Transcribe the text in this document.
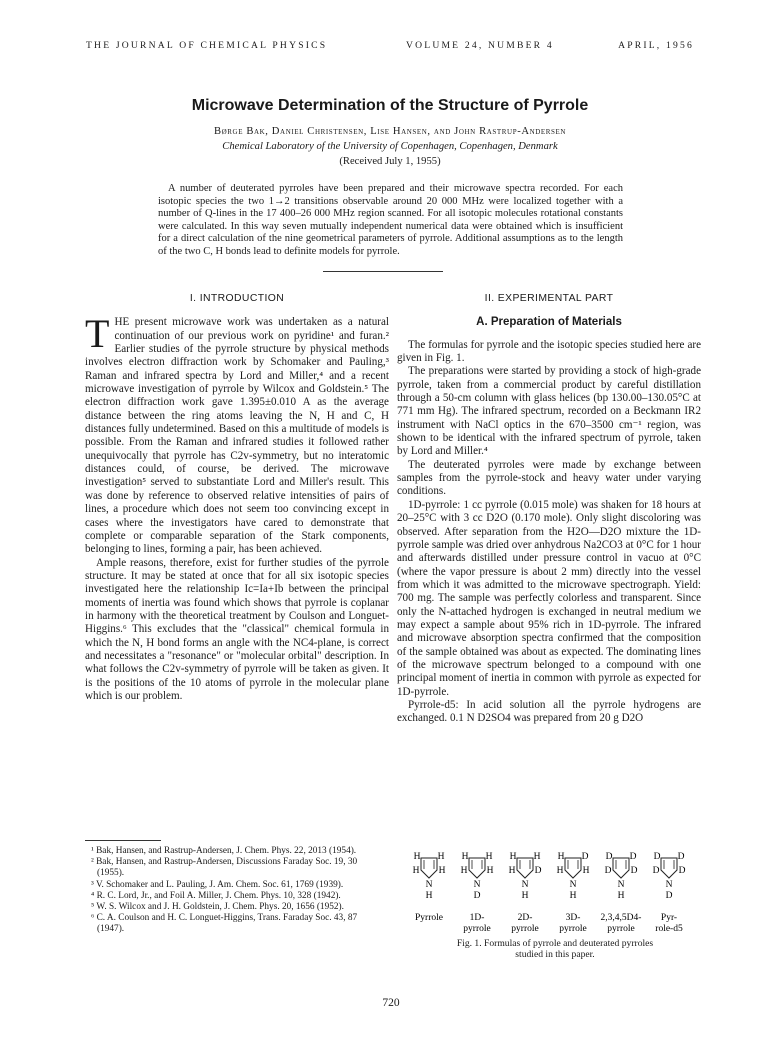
THE JOURNAL OF CHEMICAL PHYSICS	VOLUME 24, NUMBER 4	APRIL, 1956
Microwave Determination of the Structure of Pyrrole
Børge Bak, Daniel Christensen, Lise Hansen, and John Rastrup-Andersen
Chemical Laboratory of the University of Copenhagen, Copenhagen, Denmark
(Received July 1, 1955)
A number of deuterated pyrroles have been prepared and their microwave spectra recorded. For each isotopic species the two 1→2 transitions observable around 20 000 MHz were localized together with a number of Q-lines in the 17 400–26 000 MHz region scanned. For all isotopic molecules rotational constants were calculated. In this way seven mutually independent numerical data were obtained which is insufficient for a direct calculation of the nine geometrical parameters of pyrrole. Additional assumptions as to the length of the two C, H bonds lead to definite models for pyrrole.
I. INTRODUCTION

THE present microwave work was undertaken as a natural continuation of our previous work on pyridine¹ and furan.² Earlier studies of the pyrrole structure by physical methods involves electron diffraction work by Schomaker and Pauling,³ Raman and infrared spectra by Lord and Miller,⁴ and a recent microwave investigation of pyrrole by Wilcox and Goldstein.⁵ The electron diffraction work gave 1.395±0.010 A as the average distance between the ring atoms leaving the N, H and C, H distances fully undetermined. Based on this a multitude of models is possible. From the Raman and infrared studies it followed rather unequivocally that pyrrole has C2v-symmetry, but no interatomic distances could, of course, be derived. The microwave investigation⁵ served to substantiate Lord and Miller's result. This was done by reference to observed relative intensities of pairs of lines, a procedure which does not seem too convincing except in cases where the investigators have cared to demonstrate that complete or comparable separation of the Stark components, belonging to lines, forming a pair, has been achieved.

Ample reasons, therefore, exist for further studies of the pyrrole structure. It may be stated at once that for all six isotopic species investigated here the relationship Ic=Ia+Ib between the principal moments of inertia was found which shows that pyrrole is coplanar in harmony with the theoretical treatment by Coulson and Longuet-Higgins.⁶ This excludes that the "classical" chemical formula in which the N, H bond forms an angle with the NC4-plane, is correct and necessitates a "resonance" or "molecular orbital" description. In what follows the C2v-symmetry of pyrrole will be taken as given. It is the positions of the 10 atoms of pyrrole in the molecular plane which is our problem.

II. EXPERIMENTAL PART
A. Preparation of Materials

The formulas for pyrrole and the isotopic species studied here are given in Fig. 1.

The preparations were started by providing a stock of high-grade pyrrole, taken from a commercial product by careful distillation through a 50-cm column with glass helices (bp 130.00–130.05°C at 771 mm Hg). The infrared spectrum, recorded on a Beckmann IR2 instrument with NaCl optics in the 670–3500 cm⁻¹ region, was shown to be identical with the infrared spectrum of pyrrole, taken by Lord and Miller.⁴

The deuterated pyrroles were made by exchange between samples from the pyrrole-stock and heavy water under varying conditions.

1D-pyrrole: 1 cc pyrrole (0.015 mole) was shaken for 18 hours at 20–25°C with 3 cc D2O (0.170 mole). Only slight discoloring was observed. After separation from the H2O—D2O mixture the 1D-pyrrole sample was dried over anhydrous Na2CO3 at 0°C for 1 hour and afterwards distilled under pressure control in vacuo at 0°C (where the vapor pressure is about 2 mm) directly into the vessel from which it was admitted to the microwave spectrograph. Yield: 700 mg. The sample was perfectly colorless and transparent. Since only the N-attached hydrogen is exchanged in neutral medium we may expect a sample about 95% rich in 1D-pyrrole. The infrared and microwave absorption spectra confirmed that the composition of the sample obtained was about as expected. The dominating lines of the microwave spectrum belonged to a compound with one principal moment of inertia in common with pyrrole as expected for 1D-pyrrole.

Pyrrole-d5: In acid solution all the pyrrole hydrogens are exchanged. 0.1 N D2SO4 was prepared from 20 g D2O

¹ Bak, Hansen, and Rastrup-Andersen, J. Chem. Phys. 22, 2013 (1954).

² Bak, Hansen, and Rastrup-Andersen, Discussions Faraday Soc. 19, 30 (1955).

³ V. Schomaker and L. Pauling, J. Am. Chem. Soc. 61, 1769 (1939).

⁴ R. C. Lord, Jr., and Foil A. Miller, J. Chem. Phys. 10, 328 (1942).

⁵ W. S. Wilcox and J. H. Goldstein, J. Chem. Phys. 20, 1656 (1952).

⁶ C. A. Coulson and H. C. Longuet-Higgins, Trans. Faraday Soc. 43, 87 (1947).

H H
H H
N
H
Pyrrole
H H
H H
N
D
1D-
pyrrole
H H
H D
N
H
2D-
pyrrole
H D
H H
N
H
3D-
pyrrole
D D
D D
N
H
2,3,4,5D4-
pyrrole
D D
D D
N
D
Pyr-
role-d5
Fig. 1. Formulas of pyrrole and deuterated pyrroles
studied in this paper.
720
